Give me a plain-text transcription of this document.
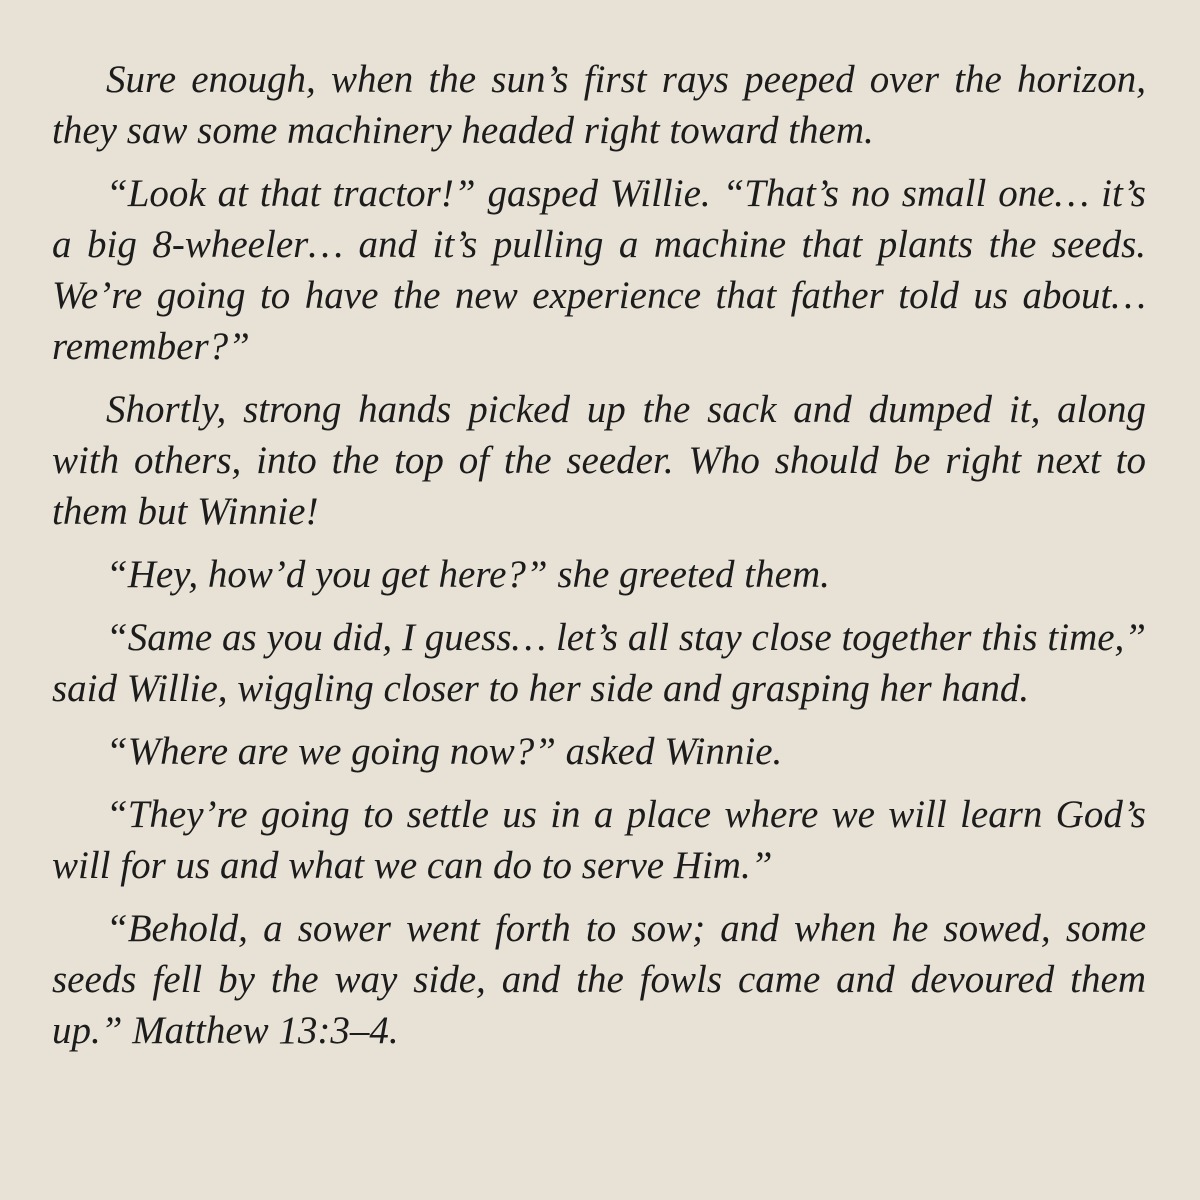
Sure enough, when the sun’s first rays peeped over the horizon, they saw some machinery headed right toward them.

“Look at that tractor!” gasped Willie. “That’s no small one… it’s a big 8-wheeler… and it’s pulling a machine that plants the seeds. We’re going to have the new experience that father told us about… remember?”

Shortly, strong hands picked up the sack and dumped it, along with others, into the top of the seeder. Who should be right next to them but Winnie!

“Hey, how’d you get here?” she greeted them.

“Same as you did, I guess… let’s all stay close together this time,” said Willie, wiggling closer to her side and grasping her hand.

“Where are we going now?” asked Winnie.

“They’re going to settle us in a place where we will learn God’s will for us and what we can do to serve Him.”

“Behold, a sower went forth to sow; and when he sowed, some seeds fell by the way side, and the fowls came and devoured them up.” Matthew 13:3–4.
